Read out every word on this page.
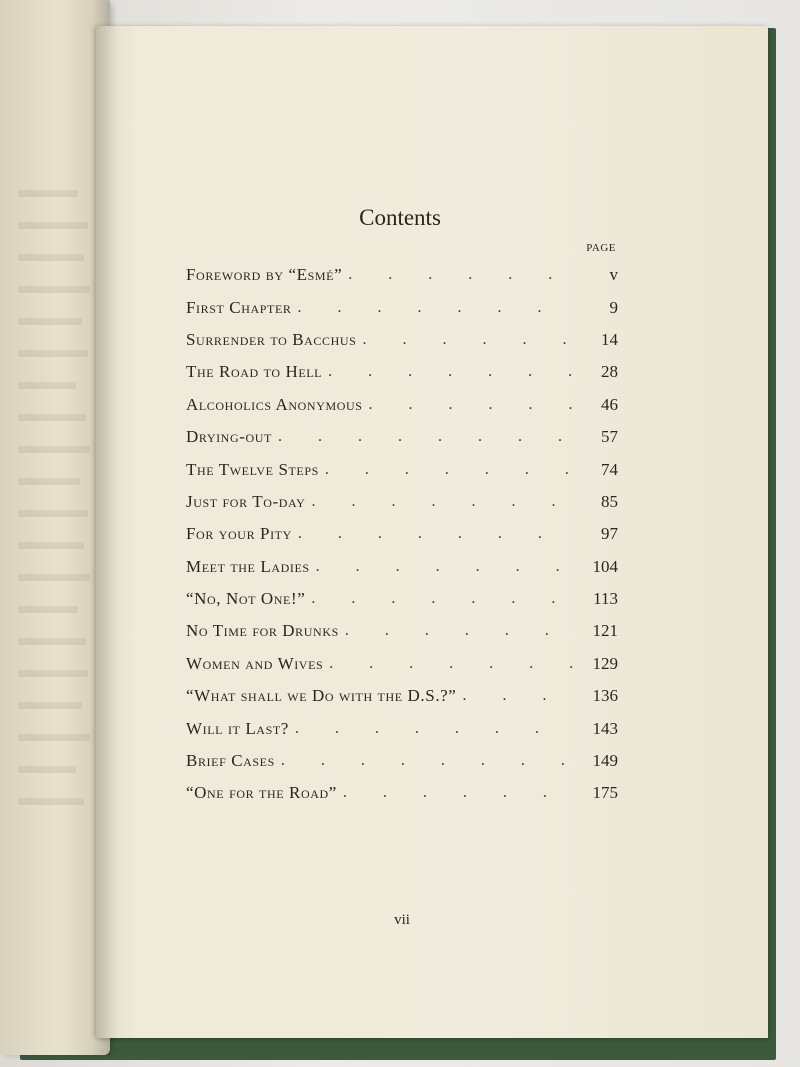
Contents
PAGE
Foreword by “Esmé” . . .	v
First Chapter . . .	9
Surrender to Bacchus . . .	14
The Road to Hell . . .	28
Alcoholics Anonymous . . .	46
Drying-out . . .	57
The Twelve Steps . . .	74
Just for To-day . . .	85
For your Pity . . .	97
Meet the Ladies . . .	104
“No, Not One!” . . .	113
No Time for Drunks . . .	121
Women and Wives . . .	129
“What shall we Do with the D.S.?” . . .	136
Will it Last? . . .	143
Brief Cases . . .	149
“One for the Road” . . .	175
vii
